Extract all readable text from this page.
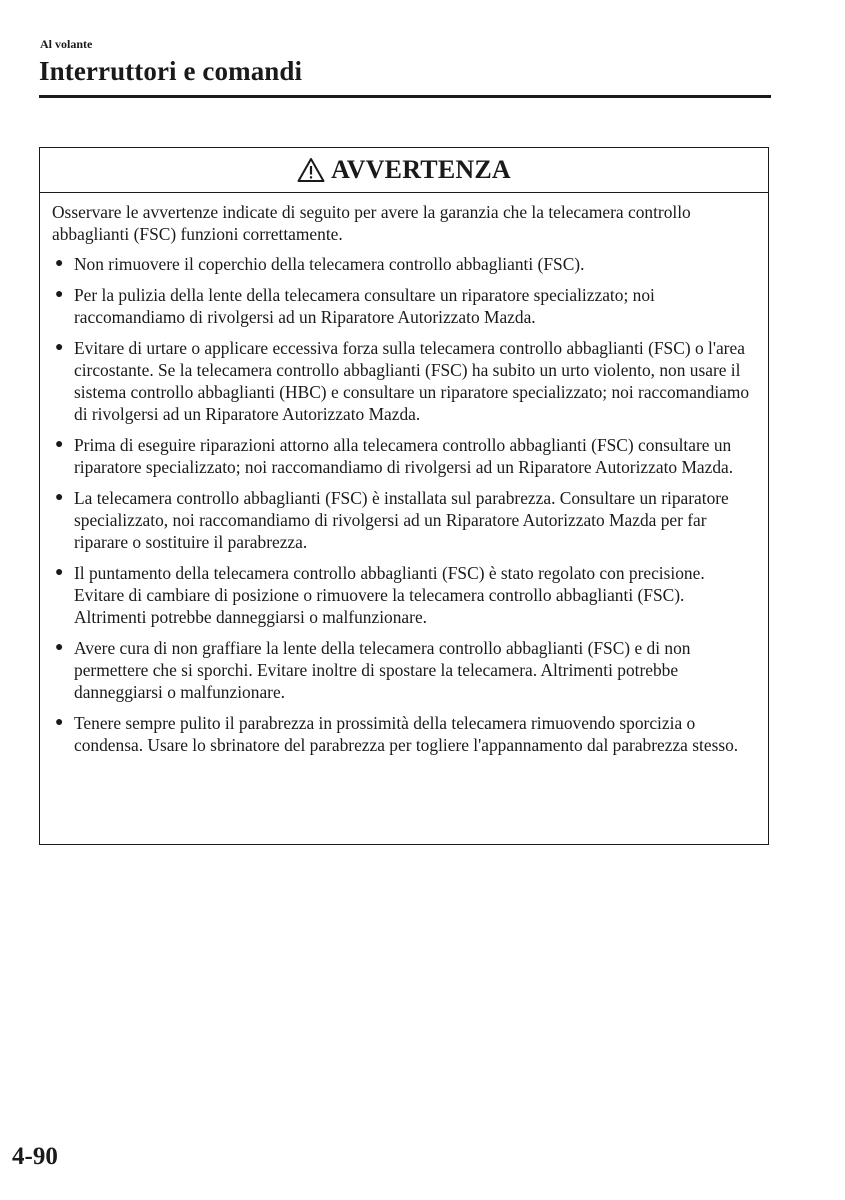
Al volante
Interruttori e comandi
AVVERTENZA

Osservare le avvertenze indicate di seguito per avere la garanzia che la telecamera controllo abbaglianti (FSC) funzioni correttamente.

● Non rimuovere il coperchio della telecamera controllo abbaglianti (FSC).
● Per la pulizia della lente della telecamera consultare un riparatore specializzato; noi raccomandiamo di rivolgersi ad un Riparatore Autorizzato Mazda.
● Evitare di urtare o applicare eccessiva forza sulla telecamera controllo abbaglianti (FSC) o l'area circostante. Se la telecamera controllo abbaglianti (FSC) ha subito un urto violento, non usare il sistema controllo abbaglianti (HBC) e consultare un riparatore specializzato; noi raccomandiamo di rivolgersi ad un Riparatore Autorizzato Mazda.
● Prima di eseguire riparazioni attorno alla telecamera controllo abbaglianti (FSC) consultare un riparatore specializzato; noi raccomandiamo di rivolgersi ad un Riparatore Autorizzato Mazda.
● La telecamera controllo abbaglianti (FSC) è installata sul parabrezza. Consultare un riparatore specializzato, noi raccomandiamo di rivolgersi ad un Riparatore Autorizzato Mazda per far riparare o sostituire il parabrezza.
● Il puntamento della telecamera controllo abbaglianti (FSC) è stato regolato con precisione. Evitare di cambiare di posizione o rimuovere la telecamera controllo abbaglianti (FSC). Altrimenti potrebbe danneggiarsi o malfunzionare.
● Avere cura di non graffiare la lente della telecamera controllo abbaglianti (FSC) e di non permettere che si sporchi. Evitare inoltre di spostare la telecamera. Altrimenti potrebbe danneggiarsi o malfunzionare.
● Tenere sempre pulito il parabrezza in prossimità della telecamera rimuovendo sporcizia o condensa. Usare lo sbrinatore del parabrezza per togliere l'appannamento dal parabrezza stesso.
4-90
